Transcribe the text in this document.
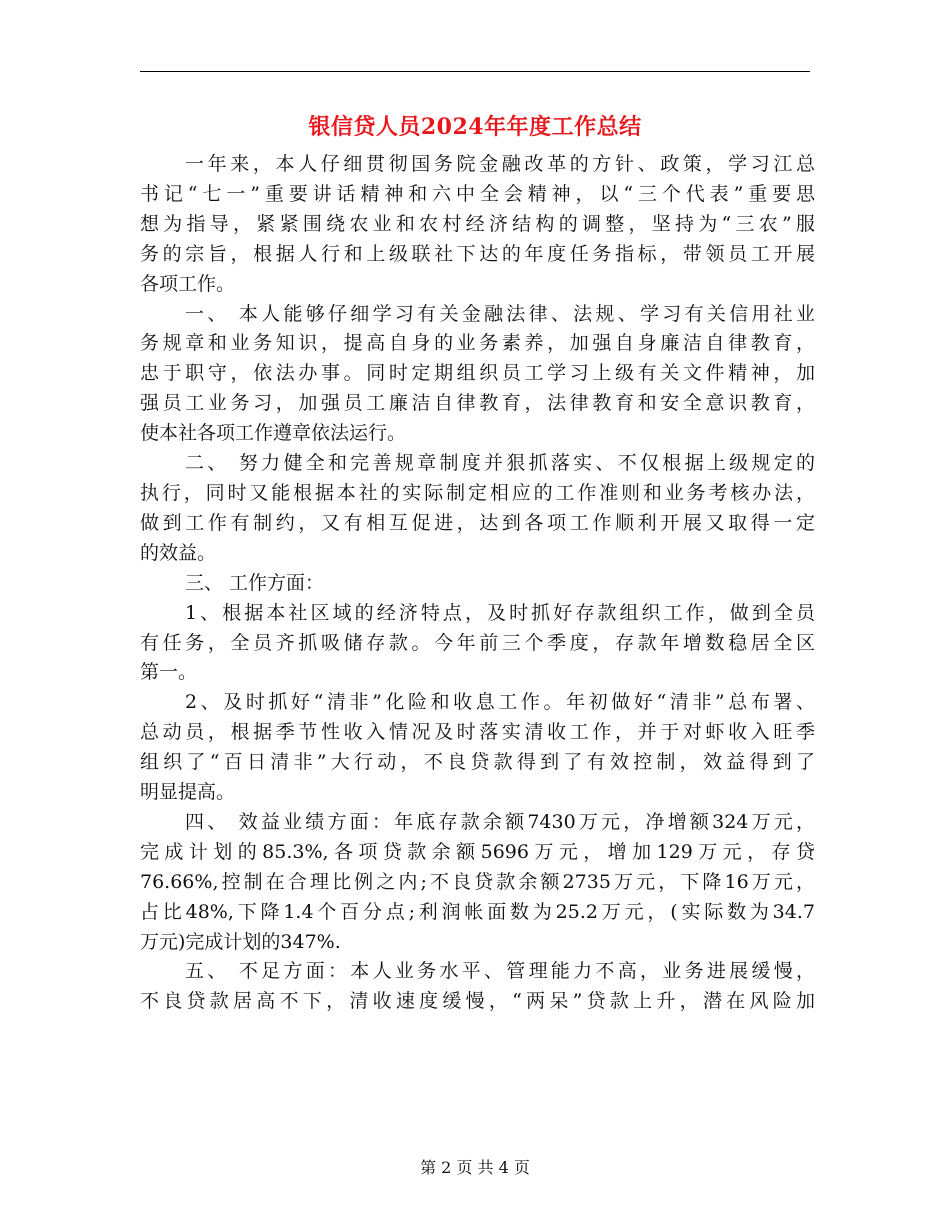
银信贷人员2024年年度工作总结
一年来，本人仔细贯彻国务院金融改革的方针、政策，学习江总
书记“七一”重要讲话精神和六中全会精神，以“三个代表”重要思
想为指导，紧紧围绕农业和农村经济结构的调整，坚持为“三农”服
务的宗旨，根据人行和上级联社下达的年度任务指标，带领员工开展
各项工作。
一、 本人能够仔细学习有关金融法律、法规、学习有关信用社业
务规章和业务知识，提高自身的业务素养，加强自身廉洁自律教育，
忠于职守，依法办事。同时定期组织员工学习上级有关文件精神，加
强员工业务习，加强员工廉洁自律教育，法律教育和安全意识教育，
使本社各项工作遵章依法运行。
二、 努力健全和完善规章制度并狠抓落实、不仅根据上级规定的
执行，同时又能根据本社的实际制定相应的工作准则和业务考核办法，
做到工作有制约，又有相互促进，达到各项工作顺利开展又取得一定
的效益。
三、 工作方面：
1、根据本社区域的经济特点，及时抓好存款组织工作，做到全员
有任务，全员齐抓吸储存款。今年前三个季度，存款年增数稳居全区
第一。
2、及时抓好“清非”化险和收息工作。年初做好“清非”总布署、
总动员，根据季节性收入情况及时落实清收工作，并于对虾收入旺季
组织了“百日清非”大行动，不良贷款得到了有效控制，效益得到了
明显提高。
四、 效益业绩方面：年底存款余额7430万元，净增额324万元，
完成计划的85.3%,各项贷款余额5696万元，增加129万元，存贷
76.66%,控制在合理比例之内;不良贷款余额2735万元，下降16万元，
占比48%,下降1.4个百分点;利润帐面数为25.2万元，(实际数为34.7
万元)完成计划的347%.
五、 不足方面：本人业务水平、管理能力不高，业务进展缓慢，
不良贷款居高不下，清收速度缓慢，“两呆”贷款上升，潜在风险加
第 2 页 共 4 页
